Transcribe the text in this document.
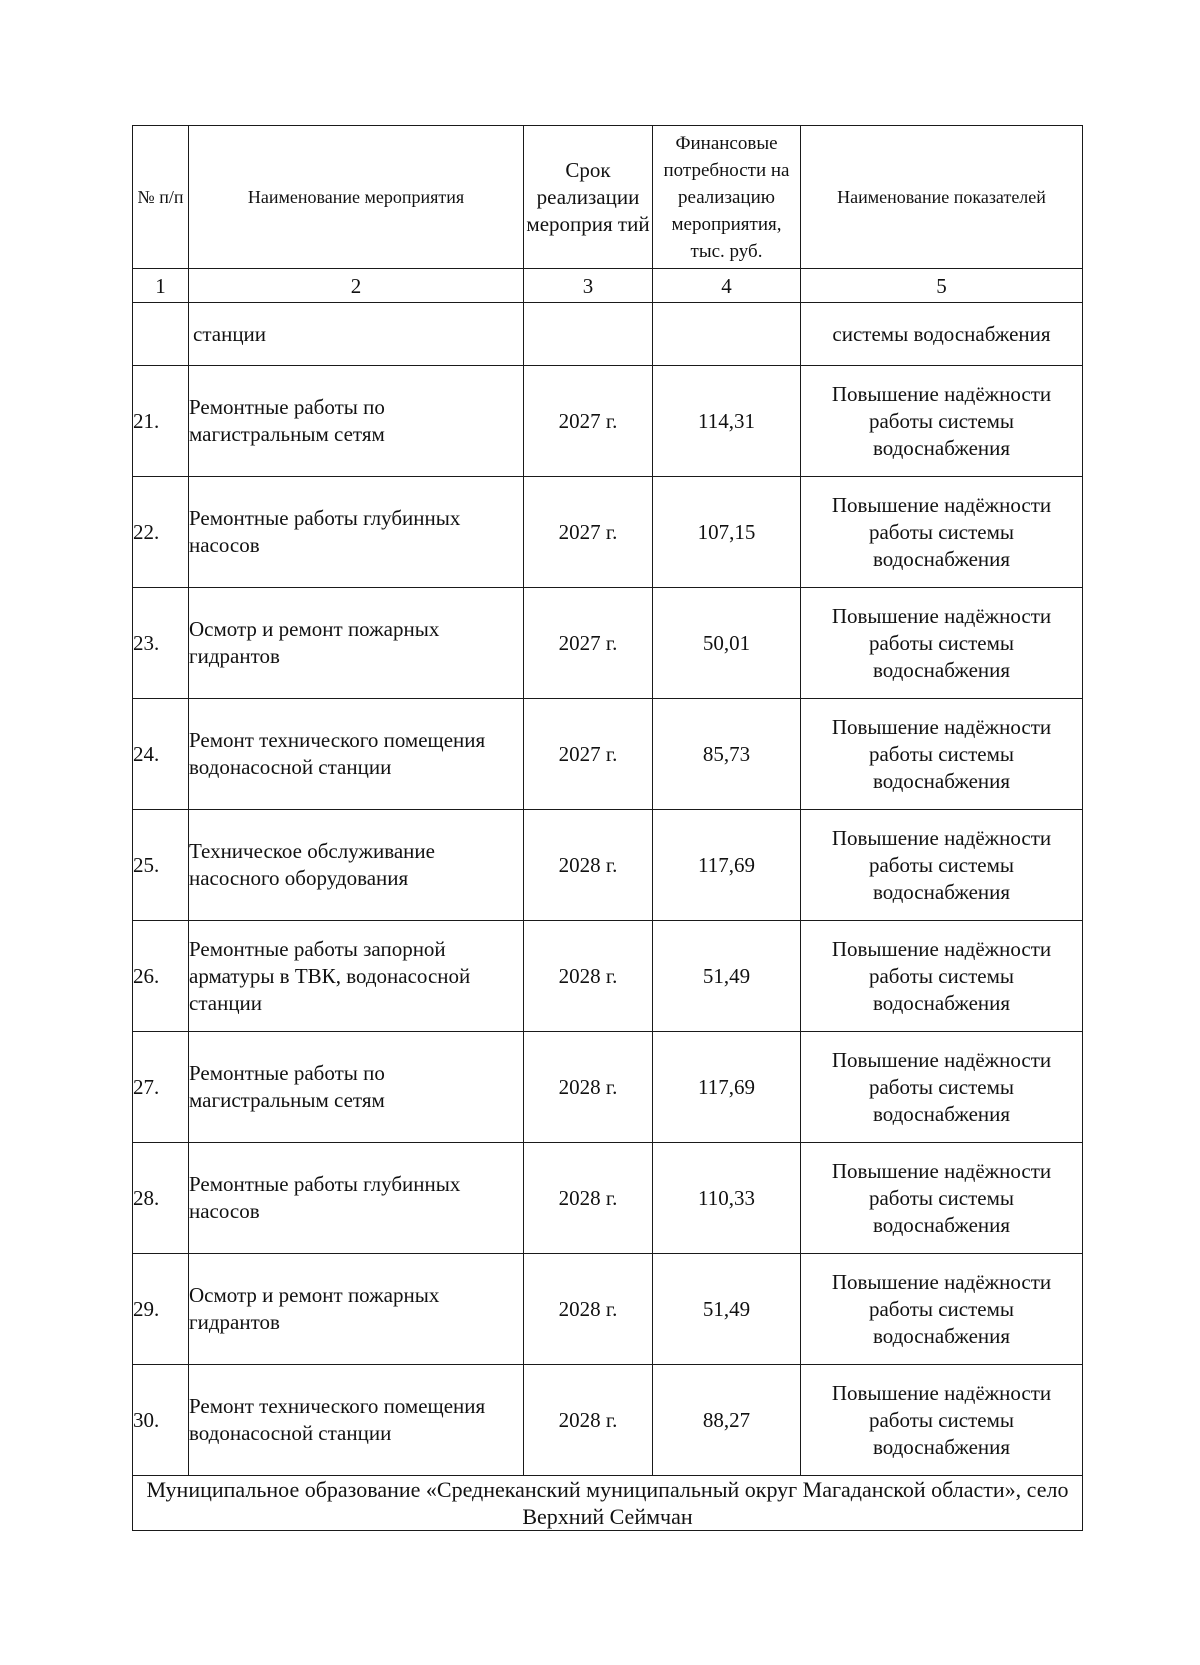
№ п/п	Наименование мероприятия	Срок реализации мероприя тий	Финансовые потребности на реализацию мероприятия, тыс. руб.	Наименование показателей
1	2	3	4	5
	станции			системы водоснабжения
21.	Ремонтные работы по магистральным сетям	2027 г.	114,31	Повышение надёжности работы системы водоснабжения
22.	Ремонтные работы глубинных насосов	2027 г.	107,15	Повышение надёжности работы системы водоснабжения
23.	Осмотр и ремонт пожарных гидрантов	2027 г.	50,01	Повышение надёжности работы системы водоснабжения
24.	Ремонт технического помещения водонасосной станции	2027 г.	85,73	Повышение надёжности работы системы водоснабжения
25.	Техническое обслуживание насосного оборудования	2028 г.	117,69	Повышение надёжности работы системы водоснабжения
26.	Ремонтные работы запорной арматуры в ТВК, водонасосной станции	2028 г.	51,49	Повышение надёжности работы системы водоснабжения
27.	Ремонтные работы по магистральным сетям	2028 г.	117,69	Повышение надёжности работы системы водоснабжения
28.	Ремонтные работы глубинных насосов	2028 г.	110,33	Повышение надёжности работы системы водоснабжения
29.	Осмотр и ремонт пожарных гидрантов	2028 г.	51,49	Повышение надёжности работы системы водоснабжения
30.	Ремонт технического помещения водонасосной станции	2028 г.	88,27	Повышение надёжности работы системы водоснабжения
Муниципальное образование «Среднеканский муниципальный округ Магаданской области», село Верхний Сеймчан				
